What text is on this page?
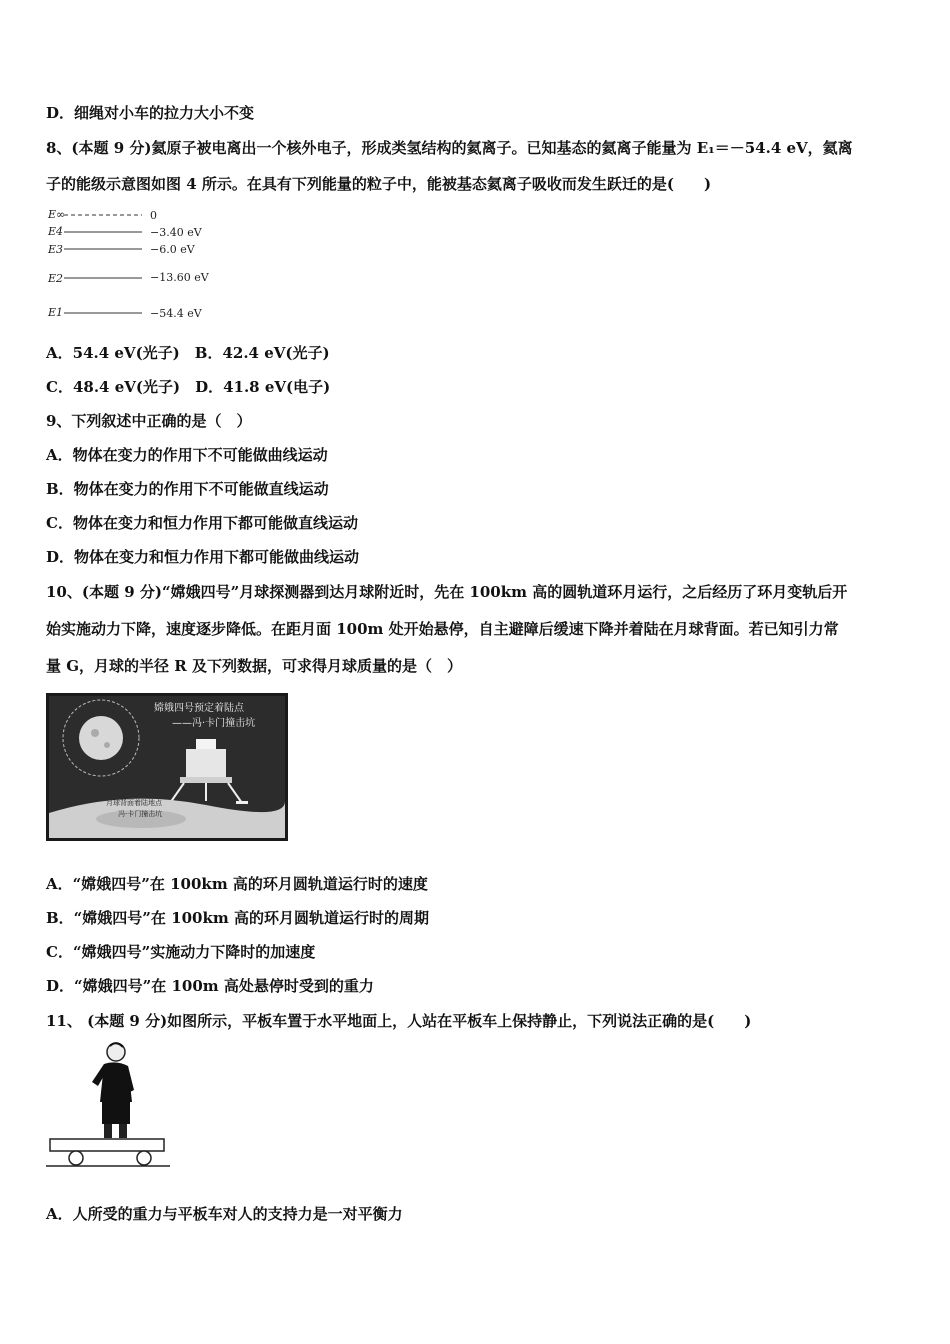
D．细绳对小车的拉力大小不变
8、(本题 9 分)氦原子被电离出一个核外电子，形成类氢结构的氦离子。已知基态的氦离子能量为 E₁＝－54.4 eV，氦离
子的能级示意图如图 4 所示。在具有下列能量的粒子中，能被基态氦离子吸收而发生跃迁的是(　　)
E∞
E4
E3
E2
E1
0
−3.40 eV
−6.0 eV
−13.60 eV
−54.4 eV
A．54.4 eV(光子)　B．42.4 eV(光子)
C．48.4 eV(光子)　D．41.8 eV(电子)
9、下列叙述中正确的是（　）
A．物体在变力的作用下不可能做曲线运动
B．物体在变力的作用下不可能做直线运动
C．物体在变力和恒力作用下都可能做直线运动
D．物体在变力和恒力作用下都可能做曲线运动
10、(本题 9 分)“嫦娥四号”月球探测器到达月球附近时，先在 100km 高的圆轨道环月运行，之后经历了环月变轨后开
始实施动力下降，速度逐步降低。在距月面 100m 处开始悬停，自主避障后缓速下降并着陆在月球背面。若已知引力常
量 G，月球的半径 R 及下列数据，可求得月球质量的是（　）
嫦娥四号预定着陆点
——冯·卡门撞击坑
月球背面着陆地点
冯·卡门撞击坑
A．“嫦娥四号”在 100km 高的环月圆轨道运行时的速度
B．“嫦娥四号”在 100km 高的环月圆轨道运行时的周期
C．“嫦娥四号”实施动力下降时的加速度
D．“嫦娥四号”在 100m 高处悬停时受到的重力
11、 (本题 9 分)如图所示，平板车置于水平地面上，人站在平板车上保持静止，下列说法正确的是(　　)
A．人所受的重力与平板车对人的支持力是一对平衡力
